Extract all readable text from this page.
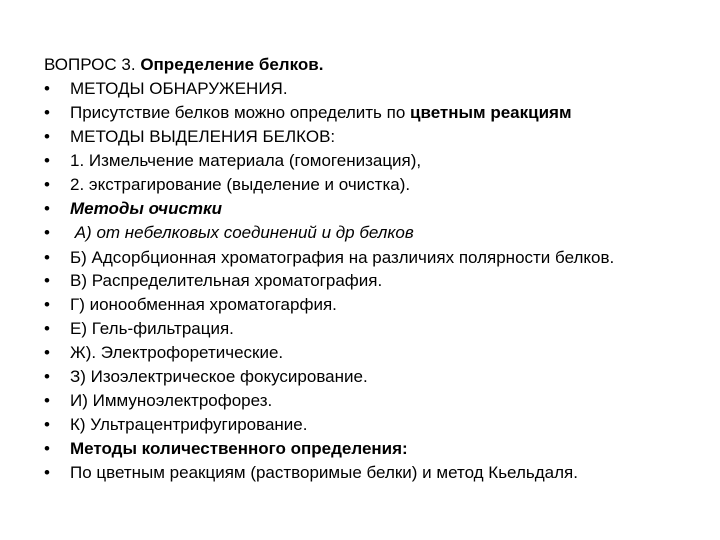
ВОПРОС 3. Определение белков.
•	МЕТОДЫ ОБНАРУЖЕНИЯ.
•	Присутствие белков можно определить по цветным реакциям
•	МЕТОДЫ ВЫДЕЛЕНИЯ БЕЛКОВ:
•	1. Измельчение материала (гомогенизация),
•	2. экстрагирование (выделение и очистка).
•	Методы очистки
•	А) от небелковых соединений и др белков
•	Б) Адсорбционная хроматография на различиях полярности белков.
•	В) Распределительная хроматография.
•	Г) ионообменная хроматогарфия.
•	Е) Гель-фильтрация.
•	Ж). Электрофоретические.
•	З) Изоэлектрическое фокусирование.
•	И) Иммуноэлектрофорез.
•	К) Ультрацентрифугирование.
•	Методы количественного определения:
•	По цветным реакциям (растворимые белки) и метод Кьельдаля.
